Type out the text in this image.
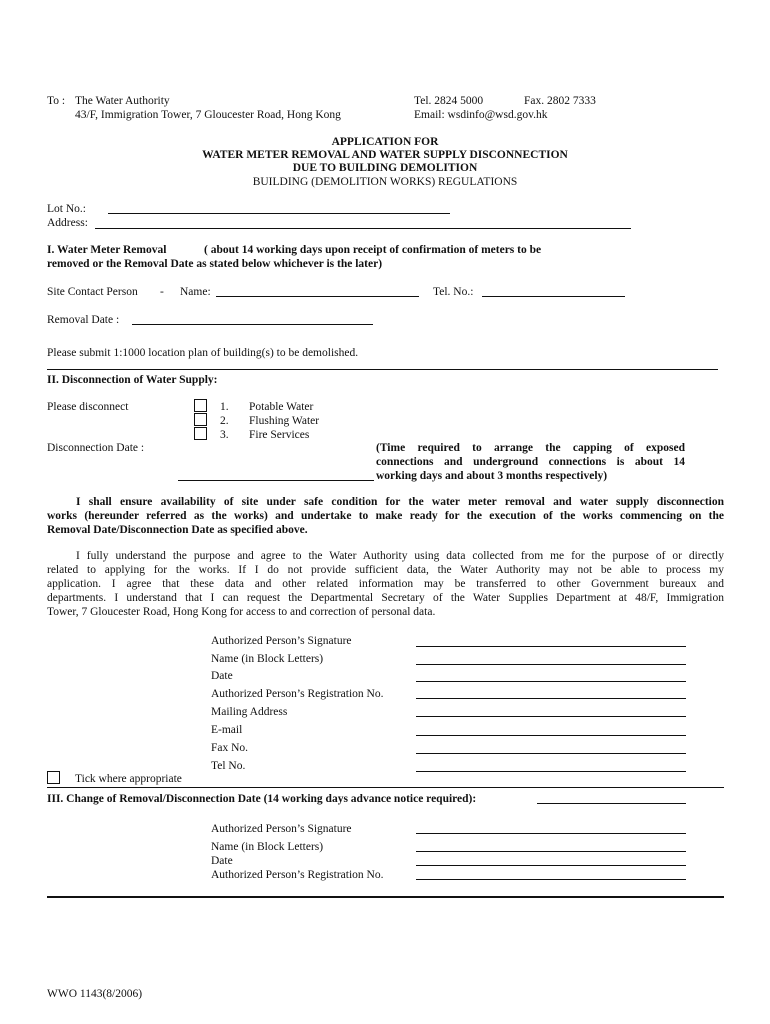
To : The Water Authority
43/F, Immigration Tower, 7 Gloucester Road, Hong Kong
Tel. 2824 5000	Fax. 2802 7333
Email: wsdinfo@wsd.gov.hk
APPLICATION FOR
WATER METER REMOVAL AND WATER SUPPLY DISCONNECTION
DUE TO BUILDING DEMOLITION
BUILDING (DEMOLITION WORKS) REGULATIONS
Lot No.:
Address:
I. Water Meter Removal	( about 14 working days upon receipt of confirmation of meters to be
removed or the Removal Date as stated below whichever is the later)
Site Contact Person - Name:	Tel. No.:
Removal Date :
Please submit 1:1000 location plan of building(s) to be demolished.
II. Disconnection of Water Supply:
Please disconnect	1. Potable Water
2. Flushing Water
3. Fire Services
Disconnection Date :	(Time required to arrange the capping of exposed
connections and underground connections is about 14
working days and about 3 months respectively)
I shall ensure availability of site under safe condition for the water meter removal and water supply disconnection
works (hereunder referred as the works) and undertake to make ready for the execution of the works commencing on the
Removal Date/Disconnection Date as specified above.
I fully understand the purpose and agree to the Water Authority using data collected from me for the purpose of or directly
related to applying for the works. If I do not provide sufficient data, the Water Authority may not be able to process my
application. I agree that these data and other related information may be transferred to other Government bureaux and
departments. I understand that I can request the Departmental Secretary of the Water Supplies Department at 48/F, Immigration
Tower, 7 Gloucester Road, Hong Kong for access to and correction of personal data.
Authorized Person’s Signature
Name (in Block Letters)
Date
Authorized Person’s Registration No.
Mailing Address
E-mail
Fax No.
Tel No.
Tick where appropriate
III. Change of Removal/Disconnection Date (14 working days advance notice required):
Authorized Person’s Signature
Name (in Block Letters)
Date
Authorized Person’s Registration No.
WWO 1143(8/2006)
